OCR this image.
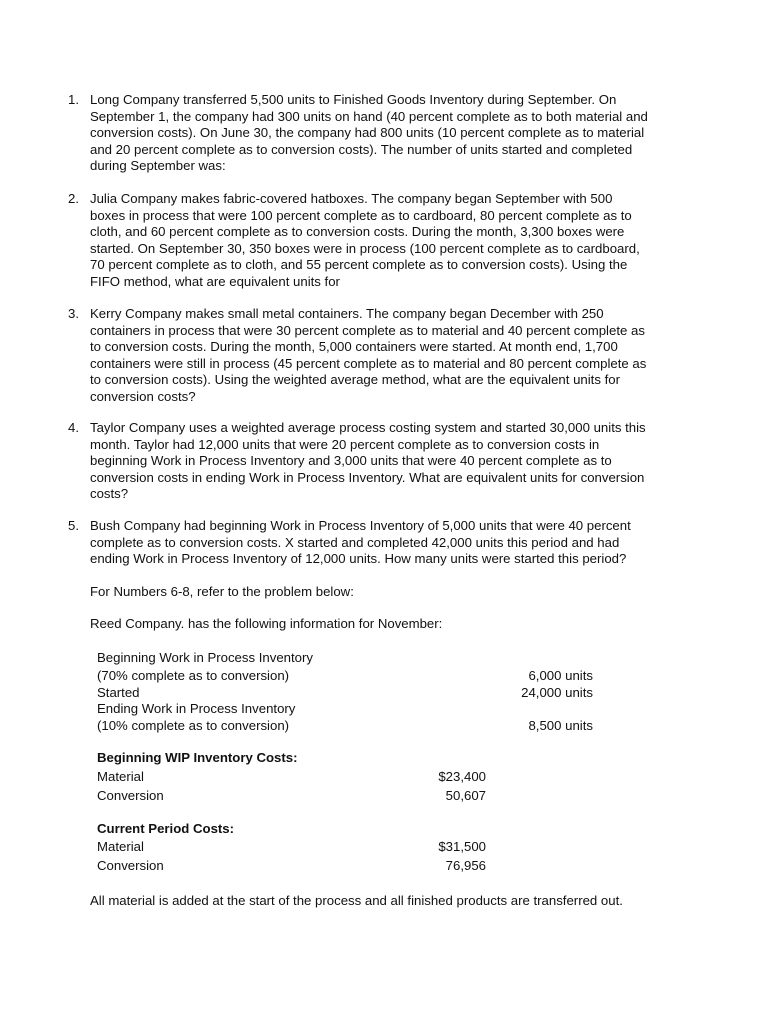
1. Long Company transferred 5,500 units to Finished Goods Inventory during September. On
September 1, the company had 300 units on hand (40 percent complete as to both material and
conversion costs). On June 30, the company had 800 units (10 percent complete as to material
and 20 percent complete as to conversion costs). The number of units started and completed
during September was:
2. Julia Company makes fabric-covered hatboxes. The company began September with 500
boxes in process that were 100 percent complete as to cardboard, 80 percent complete as to
cloth, and 60 percent complete as to conversion costs. During the month, 3,300 boxes were
started. On September 30, 350 boxes were in process (100 percent complete as to cardboard,
70 percent complete as to cloth, and 55 percent complete as to conversion costs). Using the
FIFO method, what are equivalent units for
3. Kerry Company makes small metal containers. The company began December with 250
containers in process that were 30 percent complete as to material and 40 percent complete as
to conversion costs. During the month, 5,000 containers were started. At month end, 1,700
containers were still in process (45 percent complete as to material and 80 percent complete as
to conversion costs). Using the weighted average method, what are the equivalent units for
conversion costs?
4. Taylor Company uses a weighted average process costing system and started 30,000 units this
month. Taylor had 12,000 units that were 20 percent complete as to conversion costs in
beginning Work in Process Inventory and 3,000 units that were 40 percent complete as to
conversion costs in ending Work in Process Inventory. What are equivalent units for conversion
costs?
5. Bush Company had beginning Work in Process Inventory of 5,000 units that were 40 percent
complete as to conversion costs. X started and completed 42,000 units this period and had
ending Work in Process Inventory of 12,000 units. How many units were started this period?
For Numbers 6-8, refer to the problem below:
Reed Company. has the following information for November:
Beginning Work in Process Inventory
(70% complete as to conversion)	6,000 units
Started	24,000 units
Ending Work in Process Inventory
(10% complete as to conversion)	8,500 units
Beginning WIP Inventory Costs:
Material	$23,400
Conversion	50,607
Current Period Costs:
Material	$31,500
Conversion	76,956
All material is added at the start of the process and all finished products are transferred out.
